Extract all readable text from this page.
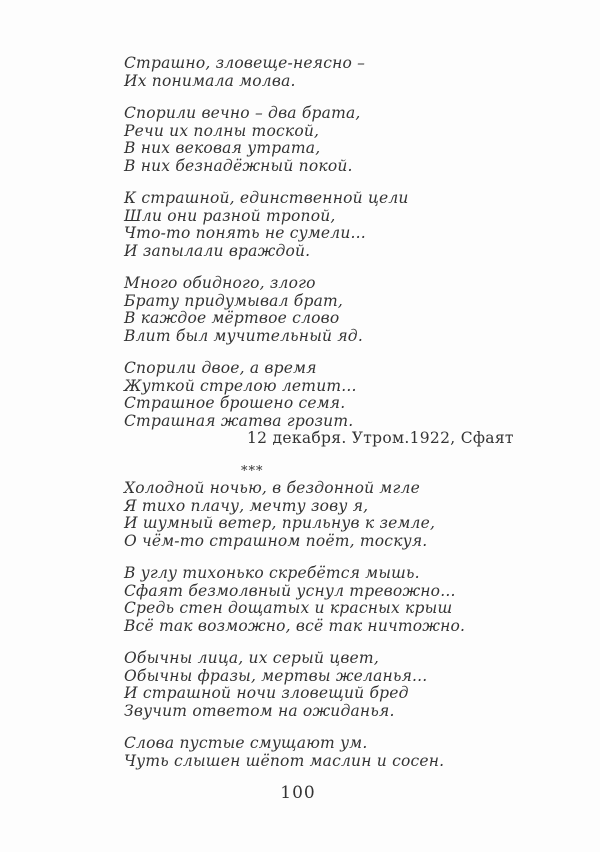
Страшно, зловеще-неясно –
Их понимала молва.
Спорили вечно – два брата,
Речи их полны тоской,
В них вековая утрата,
В них безнадёжный покой.
К страшной, единственной цели
Шли они разной тропой,
Что-то понять не сумели...
И запылали враждой.
Много обидного, злого
Брату придумывал брат,
В каждое мёртвое слово
Влит был мучительный яд.
Спорили двое, а время
Жуткой стрелою летит...
Страшное брошено семя.
Страшная жатва грозит.
12 декабря. Утром.1922, Сфаят
***
Холодной ночью, в бездонной мгле
Я тихо плачу, мечту зову я,
И шумный ветер, прильнув к земле,
О чём-то страшном поёт, тоскуя.
В углу тихонько скребётся мышь.
Сфаят безмолвный уснул тревожно...
Средь стен дощатых и красных крыш
Всё так возможно, всё так ничтожно.
Обычны лица, их серый цвет,
Обычны фразы, мертвы желанья...
И страшной ночи зловещий бред
Звучит ответом на ожиданья.
Слова пустые смущают ум.
Чуть слышен шёпот маслин и сосен.
100
